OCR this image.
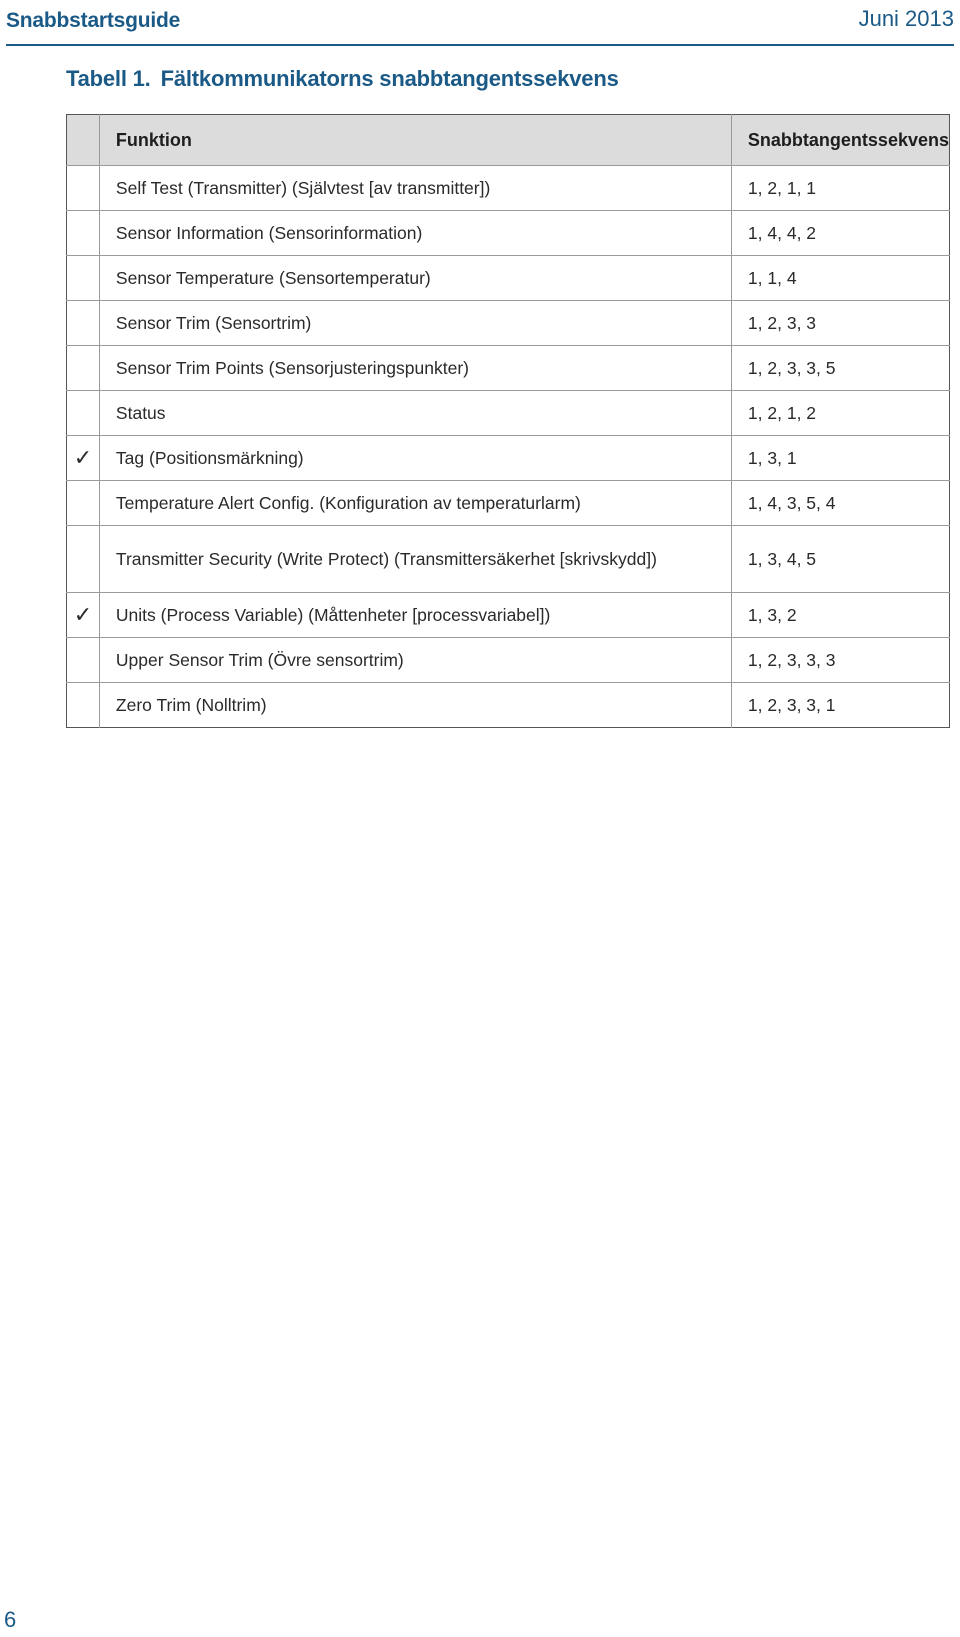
Snabbstartsguide	Juni 2013
Tabell 1. Fältkommunikatorns snabbtangentssekvens
	Funktion	Snabbtangentssekvens
	Self Test (Transmitter) (Självtest [av transmitter])	1, 2, 1, 1
	Sensor Information (Sensorinformation)	1, 4, 4, 2
	Sensor Temperature (Sensortemperatur)	1, 1, 4
	Sensor Trim (Sensortrim)	1, 2, 3, 3
	Sensor Trim Points (Sensorjusteringspunkter)	1, 2, 3, 3, 5
	Status	1, 2, 1, 2
✓	Tag (Positionsmärkning)	1, 3, 1
	Temperature Alert Config. (Konfiguration av temperaturlarm)	1, 4, 3, 5, 4
	Transmitter Security (Write Protect) (Transmittersäkerhet [skrivskydd])	1, 3, 4, 5
✓	Units (Process Variable) (Måttenheter [processvariabel])	1, 3, 2
	Upper Sensor Trim (Övre sensortrim)	1, 2, 3, 3, 3
	Zero Trim (Nolltrim)	1, 2, 3, 3, 1
6
